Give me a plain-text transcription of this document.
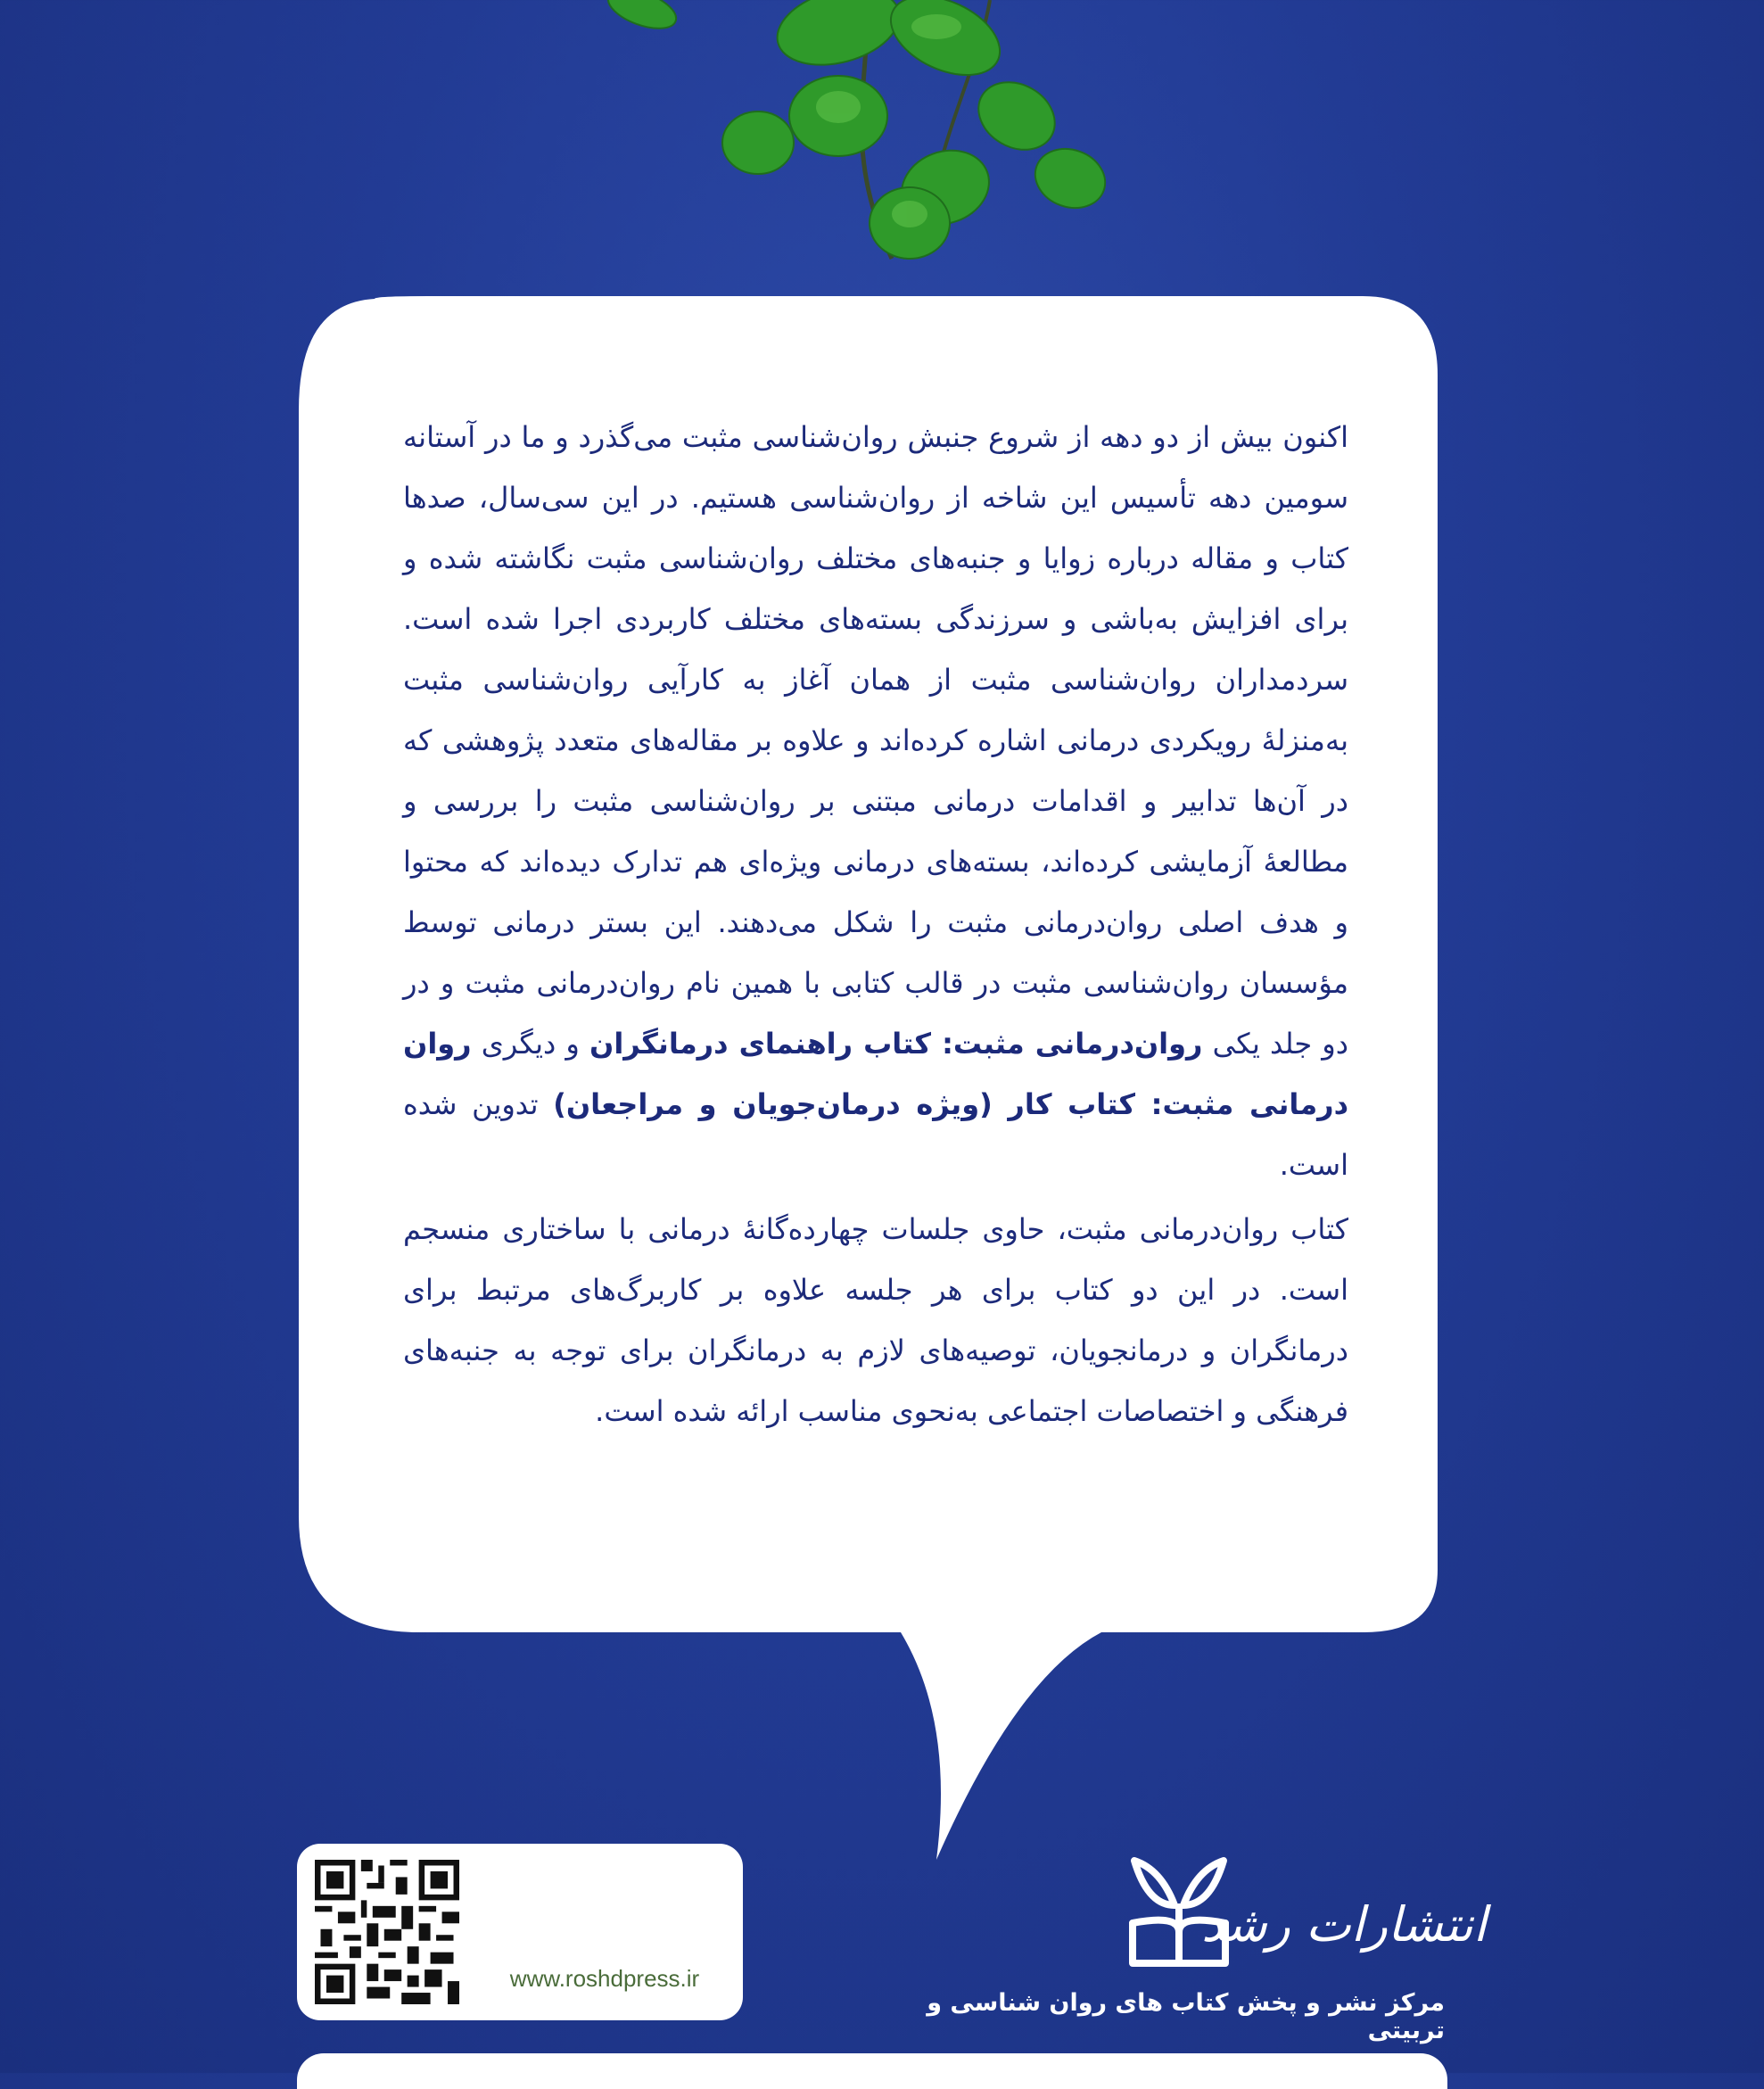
اکنون بیش از دو دهه از شروع جنبش روان‌شناسی مثبت می‌گذرد و ما در آستانه سومین دهه تأسیس این شاخه از روان‌شناسی هستیم. در این سی‌سال، صدها کتاب و مقاله درباره زوایا و جنبه‌های مختلف روان‌شناسی مثبت نگاشته شده و برای افزایش به‌باشی و سرزندگی بسته‌های مختلف کاربردی اجرا شده است. سردمداران روان‌شناسی مثبت از همان آغاز به کارآیی روان‌شناسی مثبت به‌منزلهٔ رویکردی درمانی اشاره کرده‌اند و علاوه بر مقاله‌های متعدد پژوهشی که در آن‌ها تدابیر و اقدامات درمانی مبتنی بر روان‌شناسی مثبت را بررسی و مطالعهٔ آزمایشی کرده‌اند، بسته‌های درمانی ویژه‌ای هم تدارک دیده‌اند که محتوا و هدف اصلی روان‌درمانی مثبت را شکل می‌دهند. این بستر درمانی توسط مؤسسان روان‌شناسی مثبت در قالب کتابی با همین نام روان‌درمانی مثبت و در دو جلد یکی روان‌درمانی مثبت: کتاب راهنمای درمانگران و دیگری روان درمانی مثبت: کتاب کار (ویژه درمان‌جویان و مراجعان) تدوین شده است.

کتاب روان‌درمانی مثبت، حاوی جلسات چهارده‌گانهٔ درمانی با ساختاری منسجم است. در این دو کتاب برای هر جلسه علاوه بر کاربرگ‌های مرتبط برای درمانگران و درمانجویان، توصیه‌های لازم به درمانگران برای توجه به جنبه‌های فرهنگی و اختصاصات اجتماعی به‌نحوی مناسب ارائه شده است.

www.roshdpress.ir
انتشارات رشد
مرکز نشر و پخش کتاب های روان شناسی و تربیتی
